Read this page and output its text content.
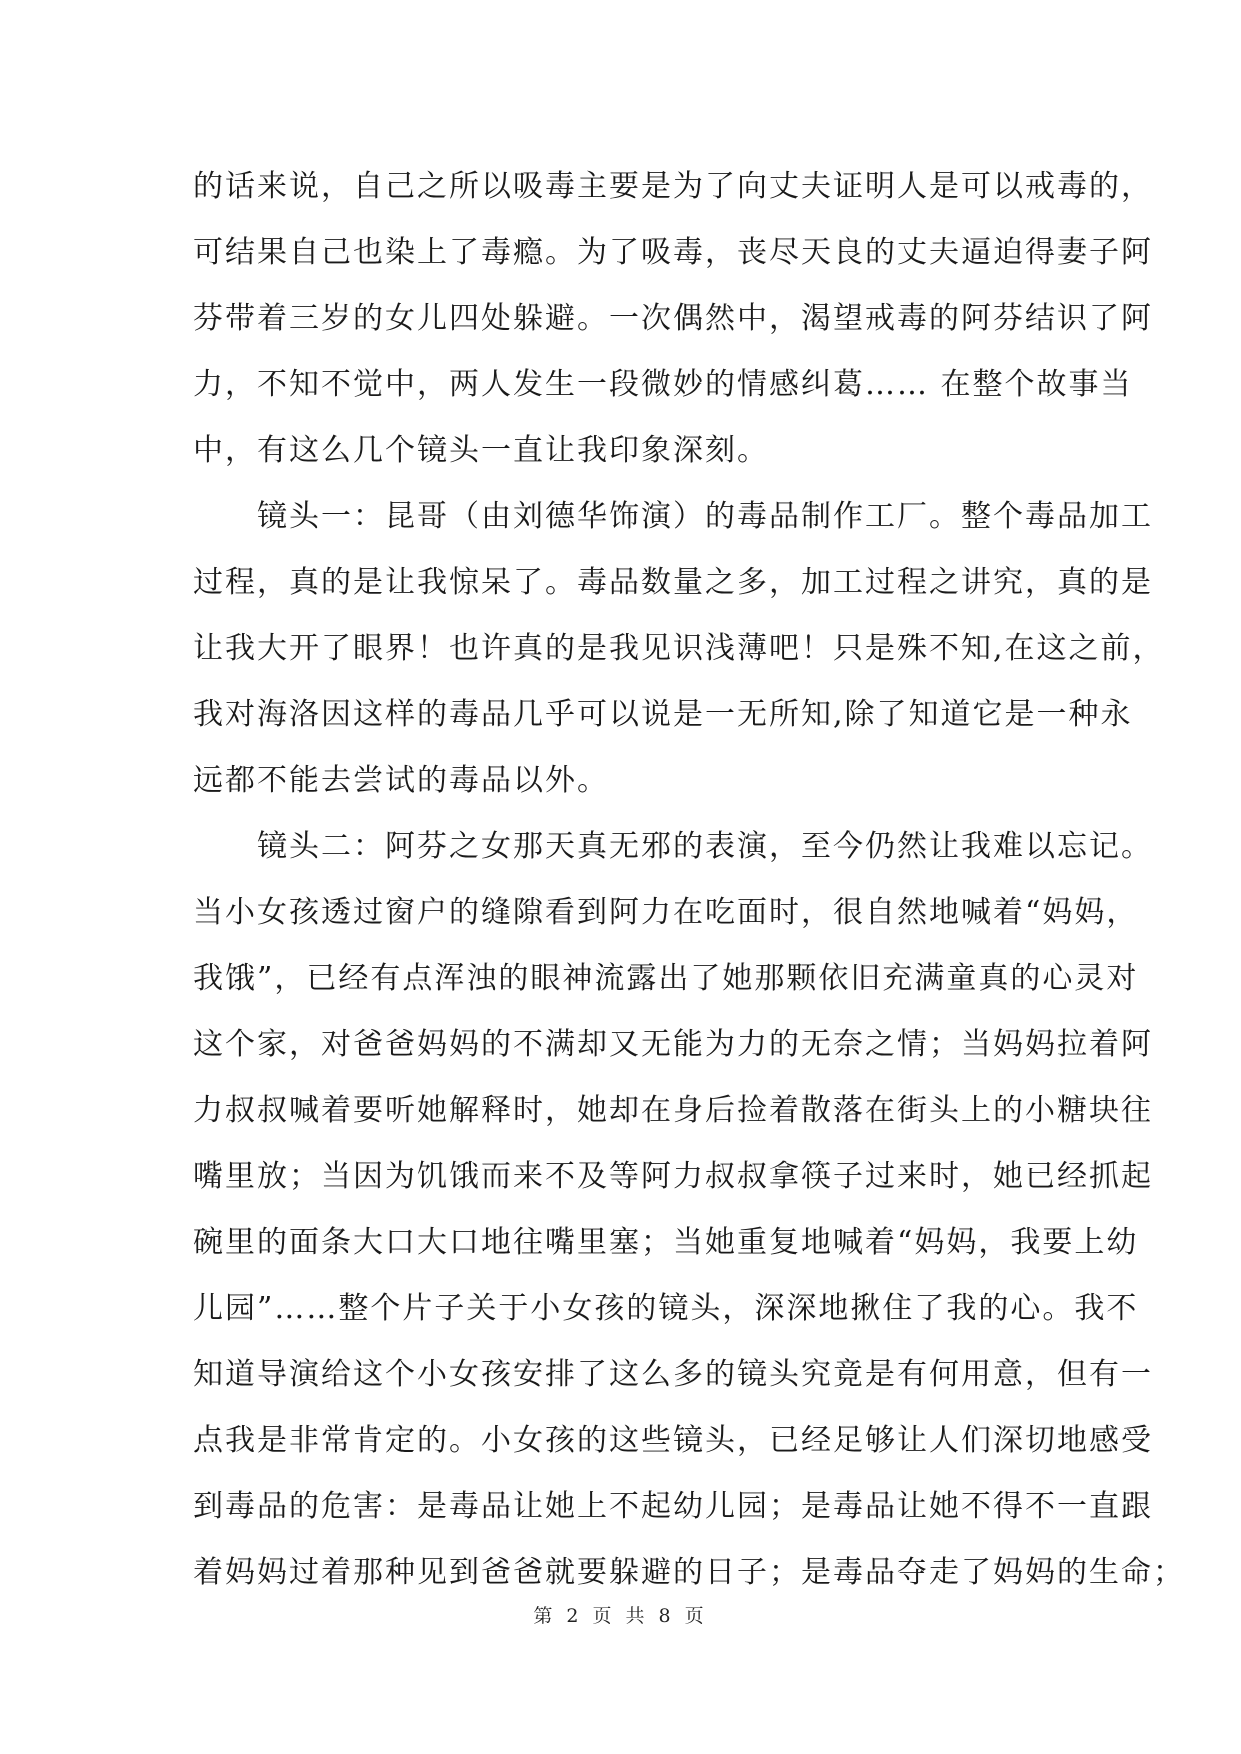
的话来说，自己之所以吸毒主要是为了向丈夫证明人是可以戒毒的，
可结果自己也染上了毒瘾。为了吸毒，丧尽天良的丈夫逼迫得妻子阿
芬带着三岁的女儿四处躲避。一次偶然中，渴望戒毒的阿芬结识了阿
力，不知不觉中，两人发生一段微妙的情感纠葛…… 在整个故事当
中，有这么几个镜头一直让我印象深刻。
　　镜头一：昆哥（由刘德华饰演）的毒品制作工厂。整个毒品加工
过程，真的是让我惊呆了。毒品数量之多，加工过程之讲究，真的是
让我大开了眼界！也许真的是我见识浅薄吧！只是殊不知,在这之前，
我对海洛因这样的毒品几乎可以说是一无所知,除了知道它是一种永
远都不能去尝试的毒品以外。
　　镜头二：阿芬之女那天真无邪的表演，至今仍然让我难以忘记。
当小女孩透过窗户的缝隙看到阿力在吃面时，很自然地喊着“妈妈，
我饿”，已经有点浑浊的眼神流露出了她那颗依旧充满童真的心灵对
这个家，对爸爸妈妈的不满却又无能为力的无奈之情；当妈妈拉着阿
力叔叔喊着要听她解释时，她却在身后捡着散落在街头上的小糖块往
嘴里放；当因为饥饿而来不及等阿力叔叔拿筷子过来时，她已经抓起
碗里的面条大口大口地往嘴里塞；当她重复地喊着“妈妈，我要上幼
儿园”……整个片子关于小女孩的镜头，深深地揪住了我的心。我不
知道导演给这个小女孩安排了这么多的镜头究竟是有何用意，但有一
点我是非常肯定的。小女孩的这些镜头，已经足够让人们深切地感受
到毒品的危害：是毒品让她上不起幼儿园；是毒品让她不得不一直跟
着妈妈过着那种见到爸爸就要躲避的日子；是毒品夺走了妈妈的生命；
第 2 页 共 8 页
